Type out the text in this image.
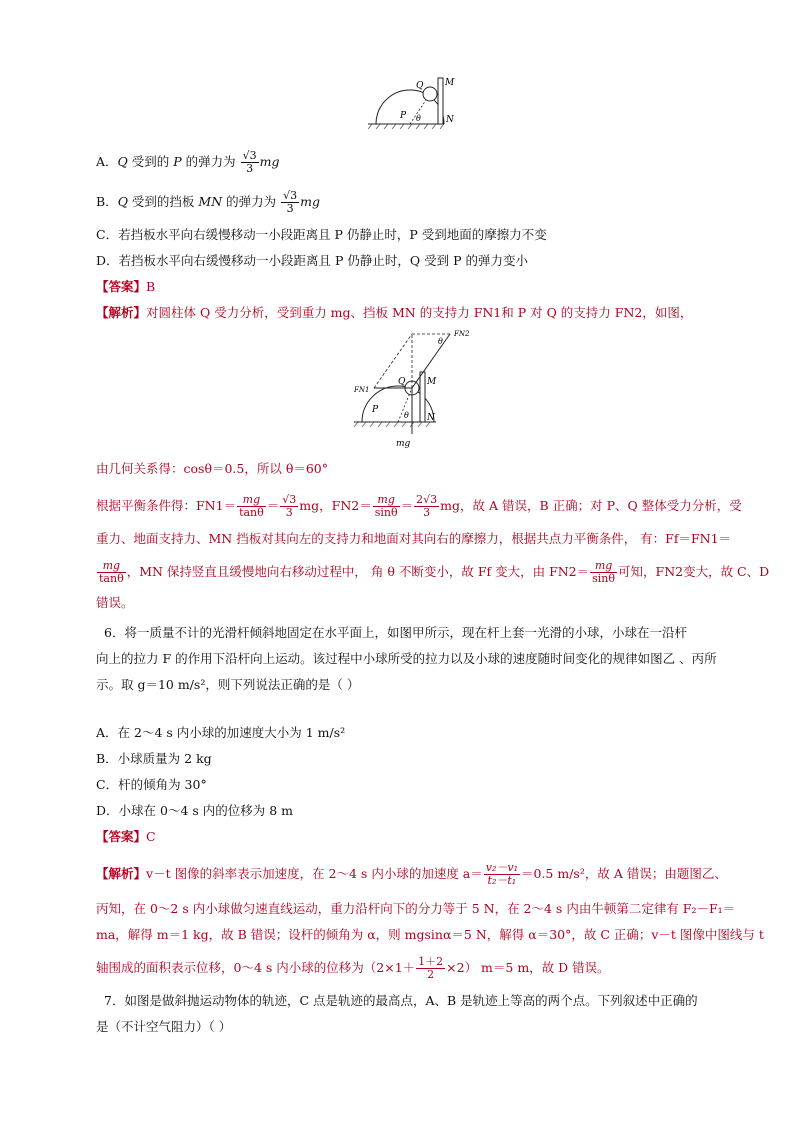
Q M
P θ	N
A．Q 受到的 P 的弹力为 $\frac{√3}{3}$ mg
B．Q 受到的挡板 MN 的弹力为 $\frac{√3}{3}$ mg
C．若挡板水平向右缓慢移动一小段距离且 P 仍静止时，P 受到地面的摩擦力不变
D．若挡板水平向右缓慢移动一小段距离且 P 仍静止时，Q 受到 P 的弹力变小
【答案】B
【解析】对圆柱体 Q 受力分析，受到重力 mg、挡板 MN 的支持力 FN1和 P 对 Q 的支持力 FN2，如图，
FN2
θ
FN1
Q M
P
θ N
mg
由几何关系得：cosθ＝0.5，所以 θ＝60°
根据平衡条件得：$FN1= \frac{mg}{\tan\theta} = \frac{√3}{3}$ mg，$FN2= \frac{mg}{\sin\theta} = \frac{2√3}{3}$ mg，故 A 错误，B 正确；对 P、Q 整体受力分析，受
重力、地面支持力、MN 挡板对其向左的支持力和地面对其向右的摩擦力，根据共点力平衡条件， 有：Ff＝FN1＝
$\frac{mg}{\tan\theta}$ ，MN 保持竖直且缓慢地向右移动过程中， 角 θ 不断变小，故 Ff 变大，由 $FN2= \frac{mg}{\sin\theta}$ 可知，FN2变大，故 C、D
错误。
6．将一质量不计的光滑杆倾斜地固定在水平面上，如图甲所示，现在杆上套一光滑的小球，小球在一沿杆
向上的拉力 F 的作用下沿杆向上运动。该过程中小球所受的拉力以及小球的速度随时间变化的规律如图乙 、丙所
示。取 g＝10 m/s²，则下列说法正确的是（ ）
A．在 2～4 s 内小球的加速度大小为 1 m/s²
B．小球质量为 2 kg
C．杆的倾角为 30°
D．小球在 0～4 s 内的位移为 8 m
【答案】C
【解析】v－t 图像的斜率表示加速度，在 2～4 s 内小球的加速度 $a= \frac{\text{v₂－v₁}}{\text{t₂－t₁}} =0.5$ m/s²，故 A 错误；由题图乙、
丙知，在 0～2 s 内小球做匀速直线运动，重力沿杆向下的分力等于 5 N，在 2～4 s 内由牛顿第二定律有 F₂－F₁＝
ma，解得 m＝1 kg，故 B 错误；设杆的倾角为 α，则 mgsinα＝5 N，解得 α＝30°，故 C 正确；v－t 图像中图线与 t
轴围成的面积表示位移，0～4 s 内小球的位移为$(2\times 1+ \frac{1+2}{2} \times 2)$ m＝5 m，故 D 错误。
7．如图是做斜抛运动物体的轨迹，C 点是轨迹的最高点，A、B 是轨迹上等高的两个点。下列叙述中正确的
是（不计空气阻力）（ ）
